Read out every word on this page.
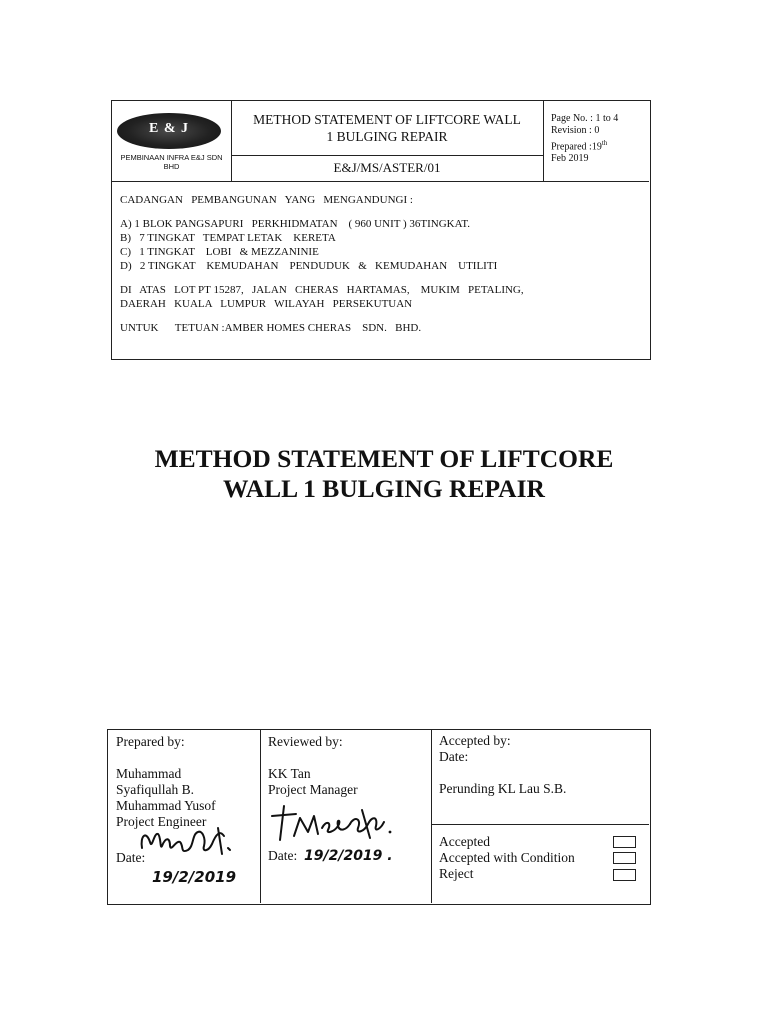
E & J
PEMBINAAN INFRA E&J SDN BHD
METHOD STATEMENT OF LIFTCORE WALL
1 BULGING REPAIR
E&J/MS/ASTER/01
Page No. : 1 to 4
Revision : 0
Prepared :19th
Feb 2019
CADANGAN   PEMBANGUNAN   YANG   MENGANDUNGI :
A) 1 BLOK PANGSAPURI   PERKHIDMATAN    ( 960 UNIT ) 36TINGKAT.
B)   7 TINGKAT   TEMPAT LETAK    KERETA
C)   1 TINGKAT    LOBI   & MEZZANINIE
D)   2 TINGKAT    KEMUDAHAN    PENDUDUK   &   KEMUDAHAN    UTILITI
DI   ATAS   LOT PT 15287,   JALAN   CHERAS   HARTAMAS,    MUKIM   PETALING,
DAERAH   KUALA   LUMPUR   WILAYAH   PERSEKUTUAN
UNTUK      TETUAN :AMBER HOMES CHERAS    SDN.   BHD.
METHOD STATEMENT OF LIFTCORE
WALL 1 BULGING REPAIR
Prepared by:
Muhammad
Syafiqullah B.
Muhammad Yusof
Project Engineer
Date:
19/2/2019
Reviewed by:
KK Tan
Project Manager
Date: 19/2/2019 .
Accepted by:
Date:
Perunding KL Lau S.B.
Accepted
Accepted with Condition
Reject
